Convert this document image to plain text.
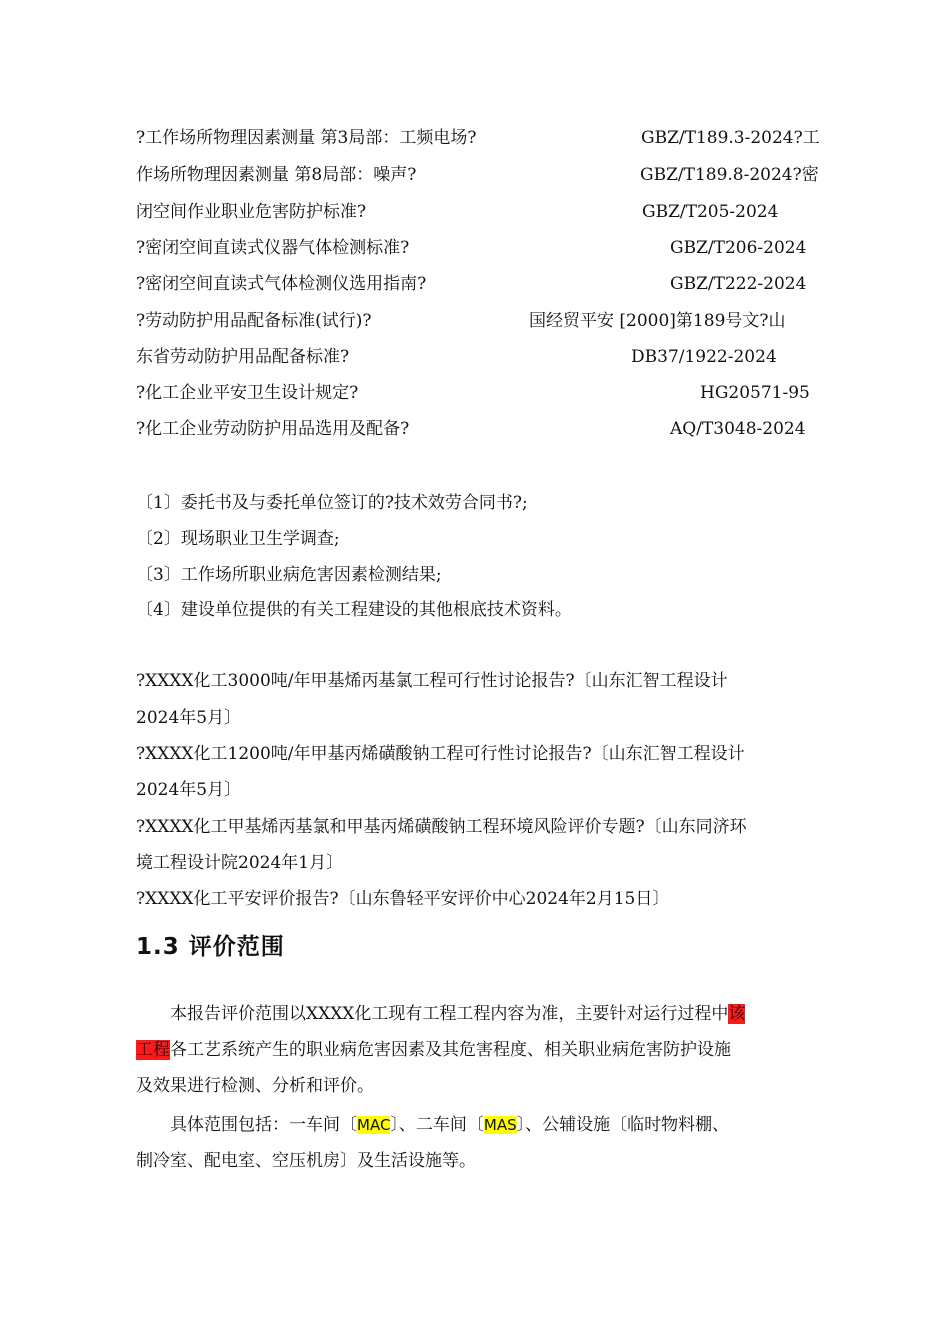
?工作场所物理因素测量 第3局部：工频电场?	GBZ/T189.3-2024?工
作场所物理因素测量 第8局部：噪声?	GBZ/T189.8-2024?密
闭空间作业职业危害防护标准?	GBZ/T205-2024
?密闭空间直读式仪器气体检测标准?	GBZ/T206-2024
?密闭空间直读式气体检测仪选用指南?	GBZ/T222-2024
?劳动防护用品配备标准(试行)?	国经贸平安 [2000]第189号文?山
东省劳动防护用品配备标准?	DB37/1922-2024
?化工企业平安卫生设计规定?	HG20571-95
?化工企业劳动防护用品选用及配备?	AQ/T3048-2024
〔1〕委托书及与委托单位签订的?技术效劳合同书?;
〔2〕现场职业卫生学调查;
〔3〕工作场所职业病危害因素检测结果;
〔4〕建设单位提供的有关工程建设的其他根底技术资料。
?XXXX化工3000吨/年甲基烯丙基氯工程可行性讨论报告?〔山东汇智工程设计
2024年5月〕
?XXXX化工1200吨/年甲基丙烯磺酸钠工程可行性讨论报告?〔山东汇智工程设计
2024年5月〕
?XXXX化工甲基烯丙基氯和甲基丙烯磺酸钠工程环境风险评价专题?〔山东同济环
境工程设计院2024年1月〕
?XXXX化工平安评价报告?〔山东鲁轻平安评价中心2024年2月15日〕
1.3 评价范围
本报告评价范围以XXXX化工现有工程工程内容为准，主要针对运行过程中该
工程各工艺系统产生的职业病危害因素及其危害程度、相关职业病危害防护设施
及效果进行检测、分析和评价。
具体范围包括：一车间〔MAC〕、二车间〔MAS〕、公辅设施〔临时物料棚、
制冷室、配电室、空压机房〕及生活设施等。
